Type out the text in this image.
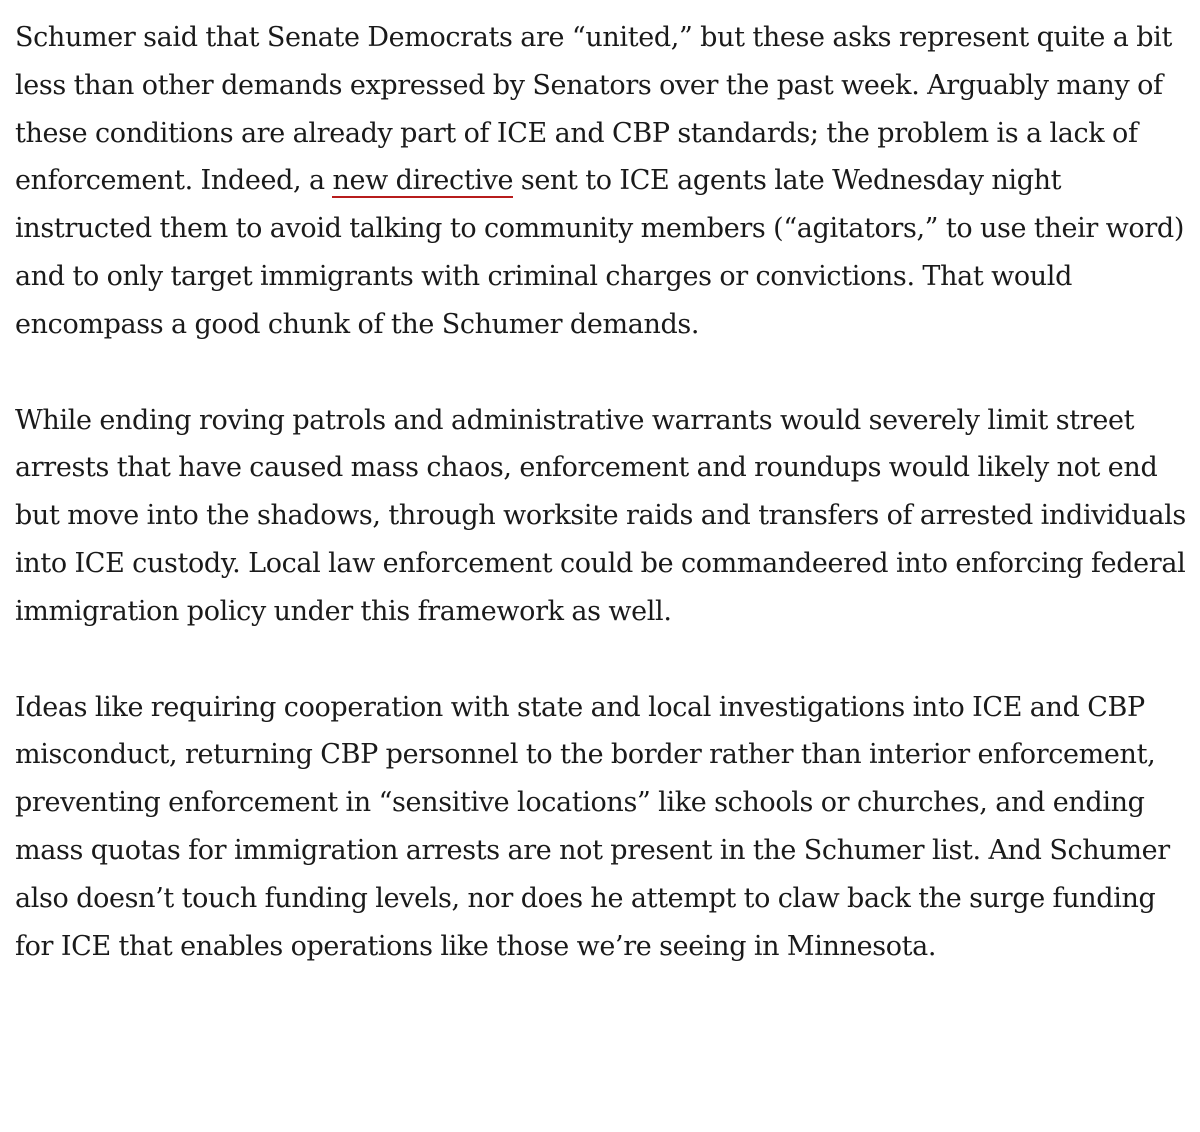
Schumer said that Senate Democrats are “united,” but these asks represent quite a bit less than other demands expressed by Senators over the past week. Arguably many of these conditions are already part of ICE and CBP standards; the problem is a lack of enforcement. Indeed, a new directive sent to ICE agents late Wednesday night instructed them to avoid talking to community members (“agitators,” to use their word) and to only target immigrants with criminal charges or convictions. That would encompass a good chunk of the Schumer demands.

While ending roving patrols and administrative warrants would severely limit street arrests that have caused mass chaos, enforcement and roundups would likely not end but move into the shadows, through worksite raids and transfers of arrested individuals into ICE custody. Local law enforcement could be commandeered into enforcing federal immigration policy under this framework as well.

Ideas like requiring cooperation with state and local investigations into ICE and CBP misconduct, returning CBP personnel to the border rather than interior enforcement, preventing enforcement in “sensitive locations” like schools or churches, and ending mass quotas for immigration arrests are not present in the Schumer list. And Schumer also doesn’t touch funding levels, nor does he attempt to claw back the surge funding for ICE that enables operations like those we’re seeing in Minnesota.
